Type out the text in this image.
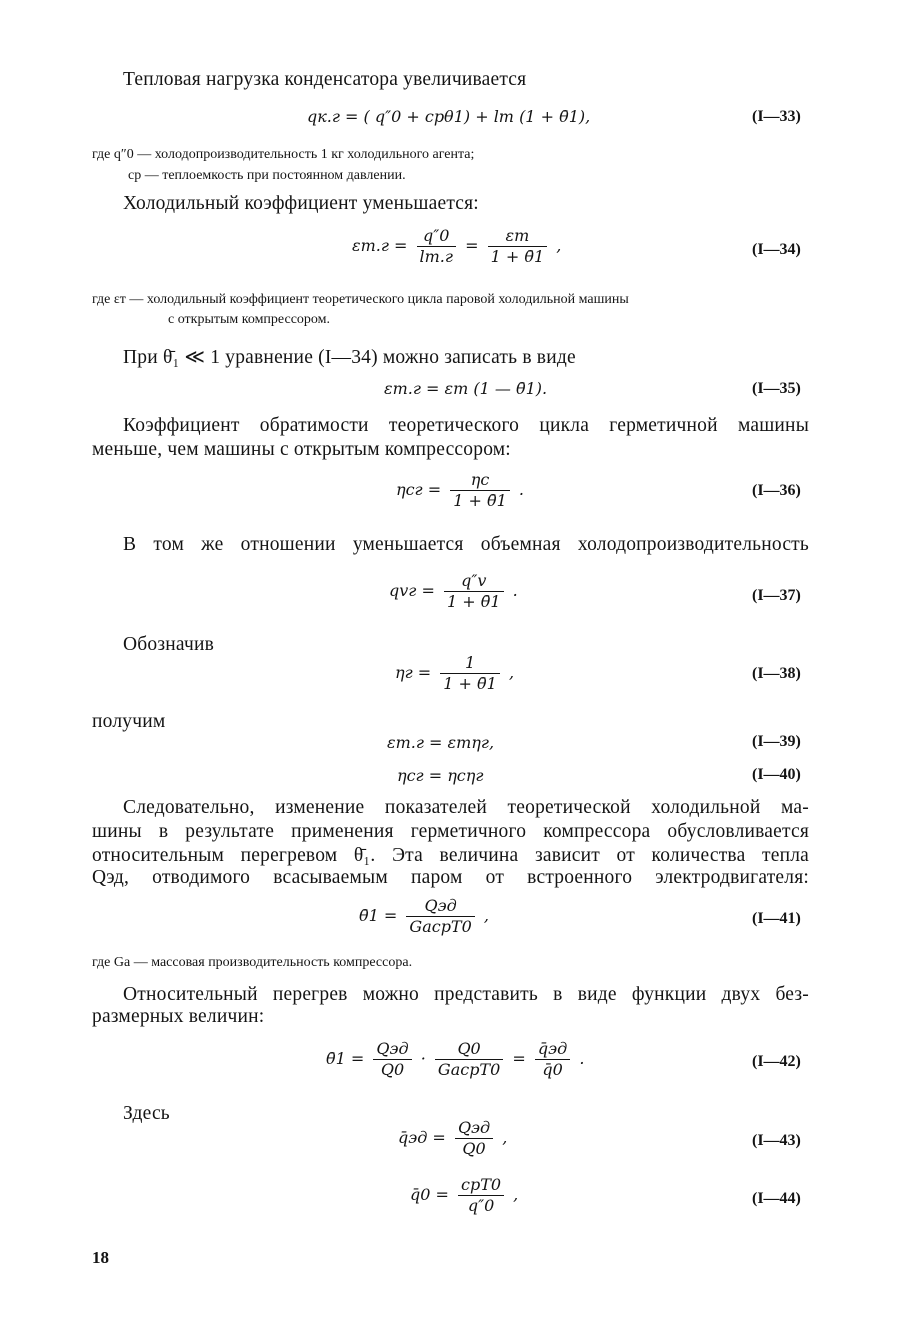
Тепловая нагрузка конденсатора увеличивается
qк.г = ( q″0 + cpθ1) + lт (1 + θ̄1),	(I—33)
где q″0 — холодопроизводительность 1 кг холодильного агента;
cp — теплоемкость при постоянном давлении.
Холодильный коэффициент уменьшается:
$\varepsilon т.г = \frac{q''0}{lт.г} = \frac{\varepsilon т}{1 + \thetā1}$ ,	(I—34)
где εт — холодильный коэффициент теоретического цикла паровой холодильной машины
с открытым компрессором.
При θ̄₁ ≪ 1 уравнение (I—34) можно записать в виде
εт.г = εт (1 — θ̄1).	(I—35)
Коэффициент обратимости теоретического цикла герметичной машины
меньше, чем машины с открытым компрессором:
$\eta cг = \frac{\eta c}{1 + \thetā1}$ .	(I—36)
В том же отношении уменьшается объемная холодопроизводительность
qvг = $\frac{q''v}{1 + \thetā1}$ .	(I—37)
Обозначив
$\eta г = \frac{1}{1 + \thetā1}$ ,	(I—38)
получим
εт.г = εтηг,	(I—39)
ηcг = ηcηг	(I—40)
Следовательно, изменение показателей теоретической холодильной ма-
шины в результате применения герметичного компрессора обусловливается
относительным перегревом θ̄₁. Эта величина зависит от количества тепла
Qэд, отводимого всасываемым паром от встроенного электродвигателя:
θ̄1 = $\frac{\text{Qэд}}{\text{GacpT0}}$ ,	(I—41)
где Ga — массовая производительность компрессора.
Относительный перегрев можно представить в виде функции двух без-
размерных величин:
θ̄1 = $\frac{\text{Qэд}}{Q0} \cdot \frac{Q0}{\text{GacpT0}} = \frac{q̄эд}{q̄0}$ .	(I—42)
Здесь
q̄эд = $\frac{\text{Qэд}}{Q0}$ ,	(I—43)
q̄0 = $\frac{\text{cpT0}}{q''0}$ ,	(I—44)
18
